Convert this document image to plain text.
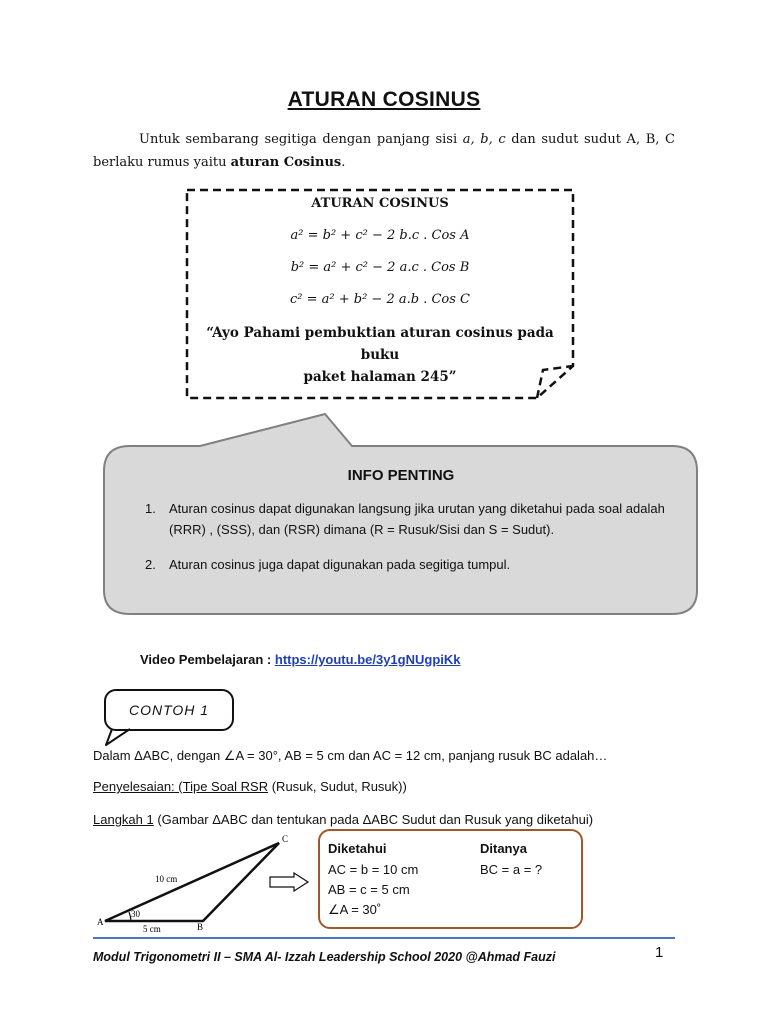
ATURAN COSINUS
Untuk sembarang segitiga dengan panjang sisi a, b, c dan sudut sudut A, B, C berlaku rumus yaitu aturan Cosinus.
ATURAN COSINUS
a² = b² + c² − 2 b.c . Cos A
b² = a² + c² − 2 a.c . Cos B
c² = a² + b² − 2 a.b . Cos C
“Ayo Pahami pembuktian aturan cosinus pada buku
paket halaman 245”
INFO PENTING
1. Aturan cosinus dapat digunakan langsung jika urutan yang diketahui pada soal adalah (RRR) , (SSS), dan (RSR) dimana (R = Rusuk/Sisi dan S = Sudut).
2. Aturan cosinus juga dapat digunakan pada segitiga tumpul.
Video Pembelajaran : https://youtu.be/3y1gNUgpiKk
CONTOH 1
Dalam ΔABC, dengan ∠A = 30°, AB = 5 cm dan AC = 12 cm, panjang rusuk BC adalah…
Penyelesaian: (Tipe Soal RSR (Rusuk, Sudut, Rusuk))
Langkah 1 (Gambar ΔABC dan tentukan pada ΔABC Sudut dan Rusuk yang diketahui)
A	B
C
10 cm
5 cm
30
Diketahui
AC = b = 10 cm
AB = c = 5 cm
∠A = 30˚
Ditanya
BC = a = ?
Modul Trigonometri II – SMA Al- Izzah Leadership School 2020 @Ahmad Fauzi	1
